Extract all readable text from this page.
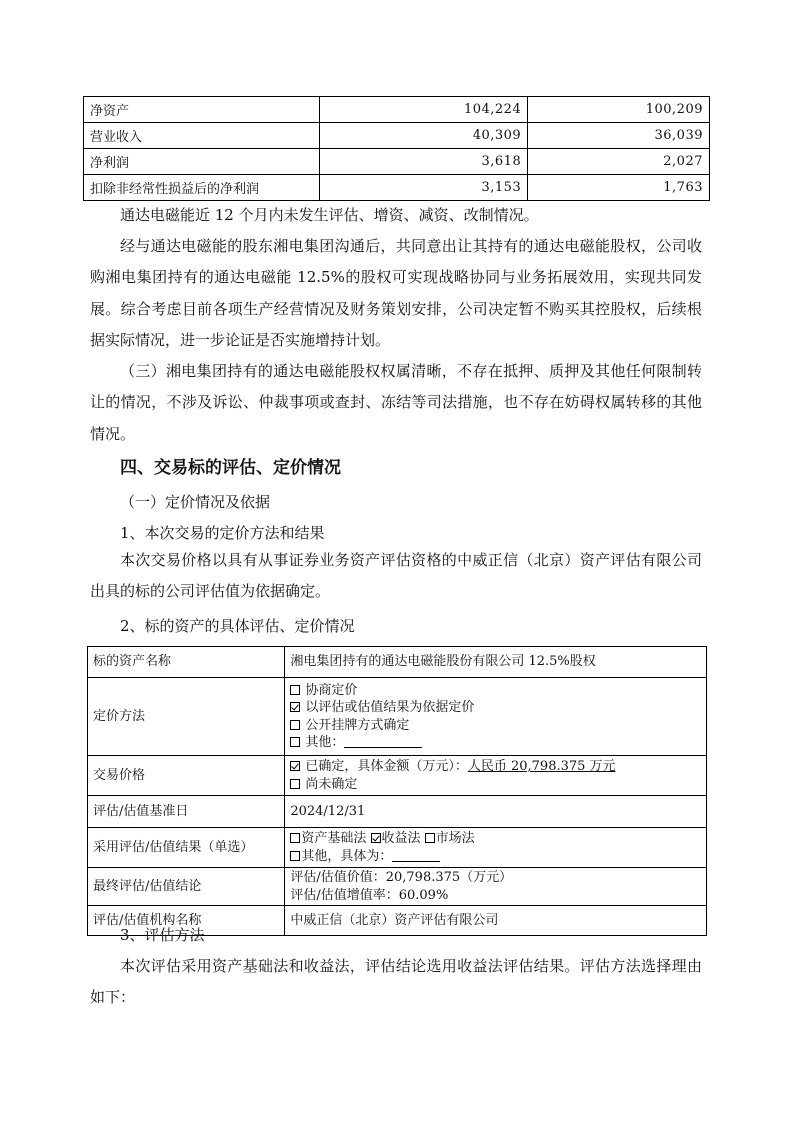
净资产	104,224	100,209
营业收入	40,309	36,039
净利润	3,618	2,027
扣除非经常性损益后的净利润	3,153	1,763

通达电磁能近 12 个月内未发生评估、增资、减资、改制情况。

经与通达电磁能的股东湘电集团沟通后，共同意出让其持有的通达电磁能股权，公司收购湘电集团持有的通达电磁能 12.5%的股权可实现战略协同与业务拓展效用，实现共同发展。综合考虑目前各项生产经营情况及财务策划安排，公司决定暂不购买其控股权，后续根据实际情况，进一步论证是否实施增持计划。

（三）湘电集团持有的通达电磁能股权权属清晰，不存在抵押、质押及其他任何限制转让的情况，不涉及诉讼、仲裁事项或查封、冻结等司法措施，也不存在妨碍权属转移的其他情况。

四、交易标的评估、定价情况
（一）定价情况及依据
1、本次交易的定价方法和结果

本次交易价格以具有从事证券业务资产评估资格的中威正信（北京）资产评估有限公司出具的标的公司评估值为依据确定。

2、标的资产的具体评估、定价情况
标的资产名称	湘电集团持有的通达电磁能股份有限公司 12.5%股权
定价方法	协商定价
以评估或估值结果为依据定价
公开挂牌方式确定
其他：

交易价格	已确定，具体金额（万元）：人民币 20,798.375 万元
尚未确定

评估/估值基准日	2024/12/31
采用评估/估值结果（单选）	资产基础法 收益法 市场法
其他，具体为：

最终评估/估值结论	评估/估值价值：20,798.375（万元）
评估/估值增值率：60.09%

评估/估值机构名称	中威正信（北京）资产评估有限公司
3、评估方法

本次评估采用资产基础法和收益法，评估结论选用收益法评估结果。评估方法选择理由如下：
